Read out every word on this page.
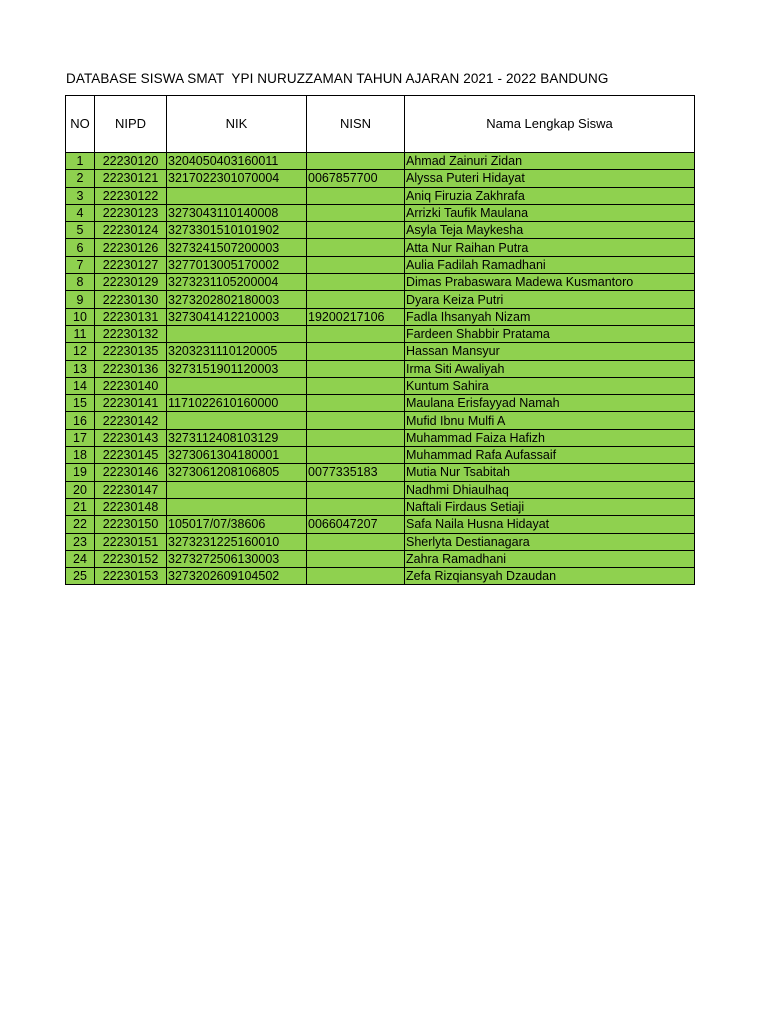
DATABASE SISWA SMAT  YPI NURUZZAMAN TAHUN AJARAN 2021 - 2022 BANDUNG
NO	NIPD	NIK	NISN	Nama Lengkap Siswa
1	22230120	3204050403160011		Ahmad Zainuri Zidan
2	22230121	3217022301070004	0067857700	Alyssa Puteri Hidayat
3	22230122			Aniq Firuzia Zakhrafa
4	22230123	3273043110140008		Arrizki Taufik Maulana
5	22230124	3273301510101902		Asyla Teja Maykesha
6	22230126	3273241507200003		Atta Nur Raihan Putra
7	22230127	3277013005170002		Aulia Fadilah Ramadhani
8	22230129	3273231105200004		Dimas Prabaswara Madewa Kusmantoro
9	22230130	3273202802180003		Dyara Keiza Putri
10	22230131	3273041412210003	19200217106	Fadla Ihsanyah Nizam
11	22230132			Fardeen Shabbir Pratama
12	22230135	3203231110120005		Hassan Mansyur
13	22230136	3273151901120003		Irma Siti Awaliyah
14	22230140			Kuntum Sahira
15	22230141	1171022610160000		Maulana Erisfayyad Namah
16	22230142			Mufid Ibnu Mulfi A
17	22230143	3273112408103129		Muhammad Faiza Hafizh
18	22230145	3273061304180001		Muhammad Rafa Aufassaif
19	22230146	3273061208106805	0077335183	Mutia Nur Tsabitah
20	22230147			Nadhmi Dhiaulhaq
21	22230148			Naftali Firdaus Setiaji
22	22230150	105017/07/38606	0066047207	Safa Naila Husna Hidayat
23	22230151	3273231225160010		Sherlyta Destianagara
24	22230152	3273272506130003		Zahra Ramadhani
25	22230153	3273202609104502		Zefa Rizqiansyah Dzaudan
